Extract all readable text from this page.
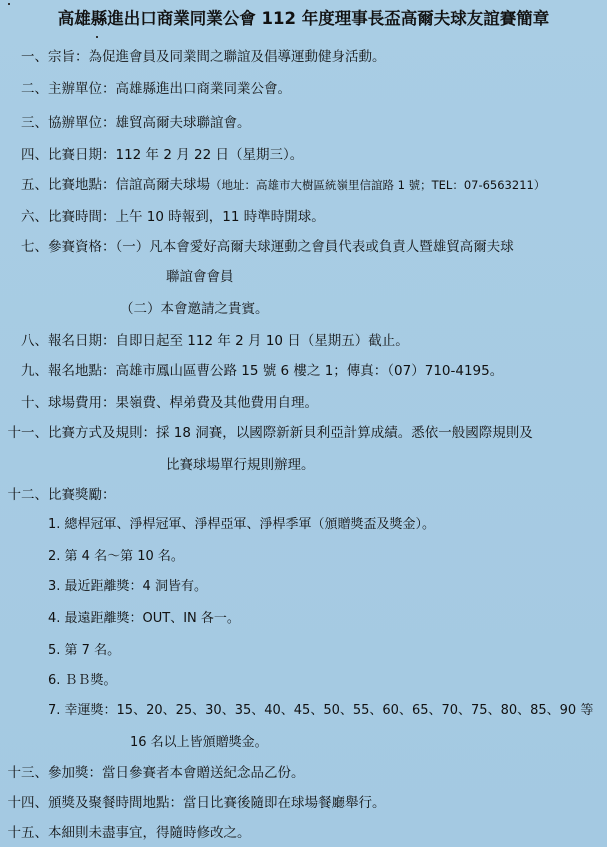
高雄縣進出口商業同業公會 112 年度理事長盃高爾夫球友誼賽簡章
一、 宗旨：為促進會員及同業間之聯誼及倡導運動健身活動。
二、 主辦單位：高雄縣進出口商業同業公會。
三、 協辦單位：雄貿高爾夫球聯誼會。
四、 比賽日期：112 年 2 月 22 日（星期三）。
五、 比賽地點：信誼高爾夫球場（地址：高雄市大樹區統嶺里信誼路 1 號；TEL：07-6563211）
六、 比賽時間：上午 10 時報到，11 時準時開球。
七、 參賽資格：（一）凡本會愛好高爾夫球運動之會員代表或負責人暨雄貿高爾夫球
聯誼會會員
（二）本會邀請之貴賓。
八、 報名日期：自即日起至 112 年 2 月 10 日（星期五）截止。
九、 報名地點：高雄市鳳山區曹公路 15 號 6 樓之 1；傳真：（07）710-4195。
十、 球場費用：果嶺費、桿弟費及其他費用自理。
十一、 比賽方式及規則：採 18 洞賽，以國際新新貝利亞計算成績。悉依一般國際規則及
比賽球場單行規則辦理。
十二、 比賽獎勵：
1. 總桿冠軍、淨桿冠軍、淨桿亞軍、淨桿季軍（頒贈獎盃及獎金）。
2. 第 4 名～第 10 名。
3. 最近距離獎：4 洞皆有。
4. 最遠距離獎：OUT、IN 各一。
5. 第 7 名。
6. ＢＢ獎。
7. 幸運獎：15、20、25、30、35、40、45、50、55、60、65、70、75、80、85、90 等
16 名以上皆頒贈獎金。
十三、 參加獎：當日參賽者本會贈送紀念品乙份。
十四、 頒獎及聚餐時間地點：當日比賽後隨即在球場餐廳舉行。
十五、 本細則未盡事宜，得隨時修改之。
